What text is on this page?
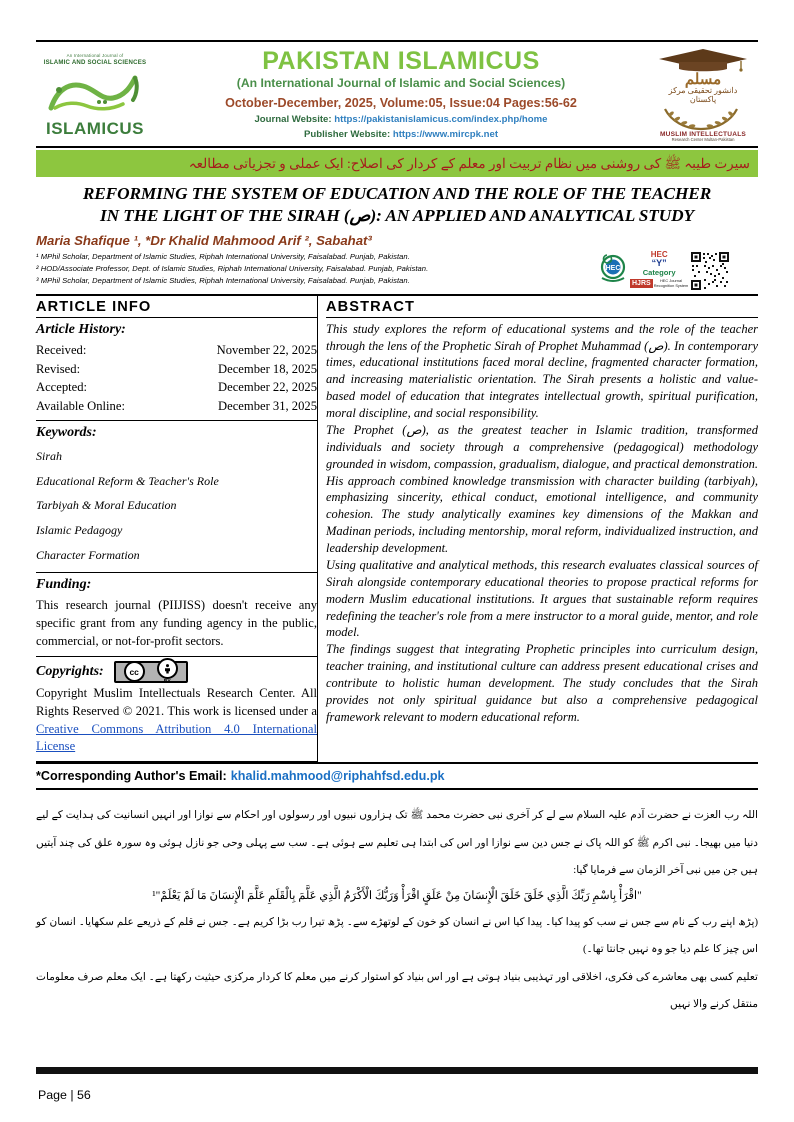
An International Journal of
ISLAMIC AND SOCIAL SCIENCES
ISLAMICUS
PAKISTAN ISLAMICUS
(An International Journal of Islamic and Social Sciences)
October-December, 2025, Volume:05, Issue:04 Pages:56-62
Journal Website: https://pakistanislamicus.com/index.php/home
Publisher Website: https://www.mircpk.net
مسلم
دانشور تحقیقی مرکز
پاکستان
MUSLIM INTELLECTUALS
Research Center Multan-Pakistan
سیرت طیبہ ﷺ کی روشنی میں نظام تربیت اور معلم کے کردار کی اصلاح: ایک عملی و تجزیاتی مطالعہ
REFORMING THE SYSTEM OF EDUCATION AND THE ROLE OF THE TEACHER
IN THE LIGHT OF THE SIRAH (ص): AN APPLIED AND ANALYTICAL STUDY
Maria Shafique ¹, *Dr Khalid Mahmood Arif ², Sabahat³
¹ MPhil Scholar, Department of Islamic Studies, Riphah International University, Faisalabad. Punjab, Pakistan.
² HOD/Associate Professor, Dept. of Islamic Studies, Riphah International University, Faisalabad. Punjab, Pakistan.
³ MPhil Scholar, Department of Islamic Studies, Riphah International University, Faisalabad. Punjab, Pakistan.
HEC
HEC
“Y”
Category
HJRS	HEC Journal
Recognition System
ARTICLE INFO
Article History:
Received:	November 22, 2025
Revised:	December 18, 2025
Accepted:	December 22, 2025
Available Online:	December 31, 2025
Keywords:
Sirah
Educational Reform & Teacher's Role
Tarbiyah & Moral Education
Islamic Pedagogy
Character Formation
Funding:
This research journal (PIIJISS) doesn't receive any specific grant from any funding agency in the public, commercial, or not-for-profit sectors.
Copyrights:	cc
BY
Copyright Muslim Intellectuals Research Center. All Rights Reserved © 2021. This work is licensed under a Creative Commons Attribution 4.0 International License
ABSTRACT
This study explores the reform of educational systems and the role of the teacher through the lens of the Prophetic Sirah of Prophet Muhammad (ص). In contemporary times, educational institutions faced moral decline, fragmented character formation, and increasing materialistic orientation. The Sirah presents a holistic and value-based model of education that integrates intellectual growth, spiritual purification, moral discipline, and social responsibility.
The Prophet (ص), as the greatest teacher in Islamic tradition, transformed individuals and society through a comprehensive (pedagogical) methodology grounded in wisdom, compassion, gradualism, dialogue, and practical demonstration. His approach combined knowledge transmission with character building (tarbiyah), emphasizing sincerity, ethical conduct, emotional intelligence, and community cohesion. The study analytically examines key dimensions of the Makkan and Madinan periods, including mentorship, moral reform, individualized instruction, and leadership development.
Using qualitative and analytical methods, this research evaluates classical sources of Sirah alongside contemporary educational theories to propose practical reforms for modern Muslim educational institutions. It argues that sustainable reform requires redefining the teacher's role from a mere instructor to a moral guide, mentor, and role model.
The findings suggest that integrating Prophetic principles into curriculum design, teacher training, and institutional culture can address present educational crises and contribute to holistic human development. The study concludes that the Sirah provides not only spiritual guidance but also a comprehensive pedagogical framework relevant to modern educational reform.
*Corresponding Author's Email: khalid.mahmood@riphahfsd.edu.pk
اللہ رب العزت نے حضرت آدم علیہ السلام سے لے کر آخری نبی حضرت محمد ﷺ تک ہزاروں نبیوں اور رسولوں اور احکام سے نوازا اور انہیں انسانیت کی ہدایت کے لیے دنیا میں بھیجا۔ نبی اکرم ﷺ کو اللہ پاک نے جس دین سے نوازا اور اس کی ابتدا ہی تعلیم سے ہوئی ہے۔ سب سے پہلی وحی جو نازل ہوئی وہ سورہ علق کی چند آیتیں ہیں جن میں نبی آخر الزمان سے فرمایا گیا:
"اقْرَأْ بِاسْمِ رَبِّكَ الَّذِي خَلَقَ خَلَقَ الْإِنسَانَ مِنْ عَلَقٍ اقْرَأْ وَرَبُّكَ الْأَكْرَمُ الَّذِي عَلَّمَ بِالْقَلَمِ عَلَّمَ الْإِنسَانَ مَا لَمْ يَعْلَمْ"¹
(پڑھ اپنے رب کے نام سے جس نے سب کو پیدا کیا۔ پیدا کیا اس نے انسان کو خون کے لوتھڑے سے۔ پڑھ تیرا رب بڑا کریم ہے۔ جس نے قلم کے ذریعے علم سکھایا۔ انسان کو اس چیز کا علم دیا جو وہ نہیں جانتا تھا۔)
تعلیم کسی بھی معاشرے کی فکری، اخلاقی اور تہذیبی بنیاد ہوتی ہے اور اس بنیاد کو استوار کرنے میں معلم کا کردار مرکزی حیثیت رکھتا ہے۔ ایک معلم صرف معلومات منتقل کرنے والا نہیں
Page | 56
